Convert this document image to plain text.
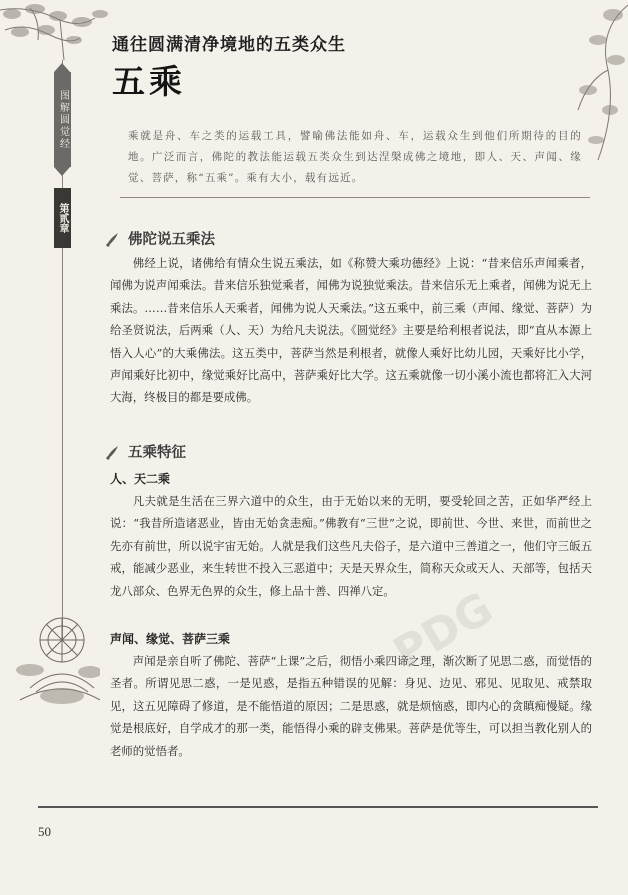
图解圆觉经
第贰章
PDG
通往圆满清净境地的五类众生
五乘
乘就是舟、车之类的运载工具，譬喻佛法能如舟、车，运载众生到他们所期待的目的地。广泛而言，佛陀的教法能运载五类众生到达涅槃成佛之境地，即人、天、声闻、缘觉、菩萨，称“五乘”。乘有大小，载有远近。
佛陀说五乘法

佛经上说，诸佛给有情众生说五乘法，如《称赞大乘功德经》上说：“昔来信乐声闻乘者，闻佛为说声闻乘法。昔来信乐独觉乘者，闻佛为说独觉乘法。昔来信乐无上乘者，闻佛为说无上乘法。……昔来信乐人天乘者，闻佛为说人天乘法。”这五乘中，前三乘（声闻、缘觉、菩萨）为给圣贤说法，后两乘（人、天）为给凡夫说法。《圆觉经》主要是给利根者说法，即“直从本源上悟入人心”的大乘佛法。这五类中，菩萨当然是利根者，就像人乘好比幼儿园，天乘好比小学，声闻乘好比初中，缘觉乘好比高中，菩萨乘好比大学。这五乘就像一切小溪小流也都将汇入大河大海，终极目的都是要成佛。

五乘特征
人、天二乘

凡夫就是生活在三界六道中的众生，由于无始以来的无明，要受轮回之苦，正如华严经上说：“我昔所造诸恶业，皆由无始贪恚痴。”佛教有“三世”之说，即前世、今世、来世，而前世之先亦有前世，所以说宇宙无始。人就是我们这些凡夫俗子，是六道中三善道之一，他们守三皈五戒，能减少恶业，来生转世不投入三恶道中；天是天界众生，简称天众或天人、天部等，包括天龙八部众、色界无色界的众生，修上品十善、四禅八定。

声闻、缘觉、菩萨三乘

声闻是亲自听了佛陀、菩萨“上课”之后，彻悟小乘四谛之理，渐次断了见思二惑，而觉悟的圣者。所谓见思二惑，一是见惑，是指五种错误的见解：身见、边见、邪见、见取见、戒禁取见，这五见障碍了修道，是不能悟道的原因；二是思惑，就是烦恼惑，即内心的贪瞋痴慢疑。缘觉是根底好，自学成才的那一类，能悟得小乘的辟支佛果。菩萨是优等生，可以担当教化别人的老师的觉悟者。

50
